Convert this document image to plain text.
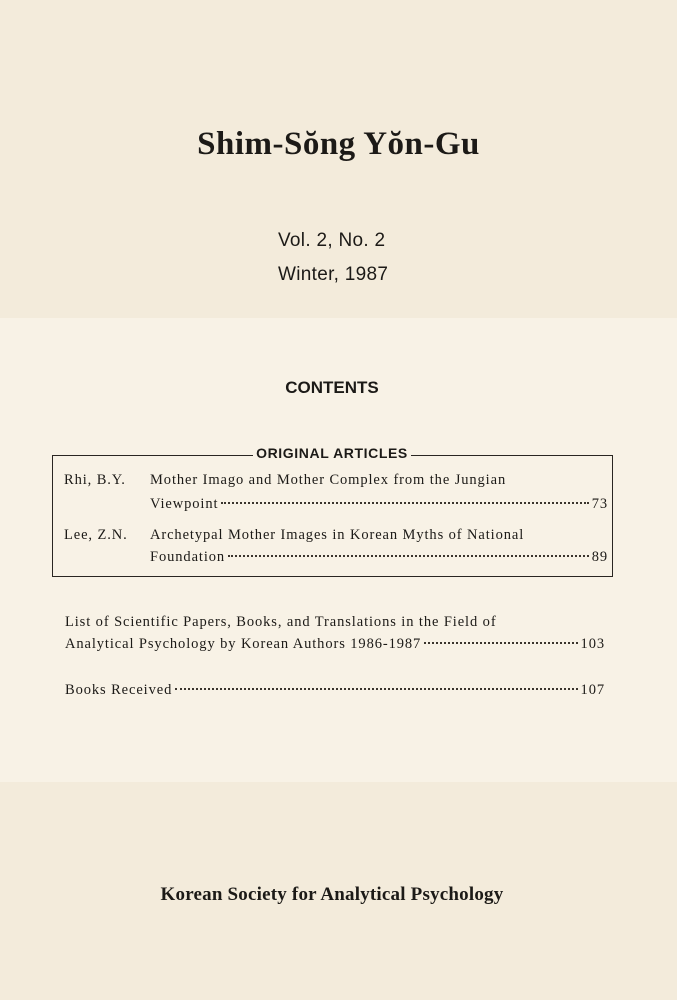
Shim-Sŏng Yŏn-Gu
Vol. 2, No. 2
Winter, 1987
CONTENTS
ORIGINAL ARTICLES
Rhi, B.Y. Mother Imago and Mother Complex from the Jungian
Viewpoint	73
Lee, Z.N. Archetypal Mother Images in Korean Myths of National
Foundation	89
List of Scientific Papers, Books, and Translations in the Field of
Analytical Psychology by Korean Authors 1986-1987	103
Books Received	107
Korean Society for Analytical Psychology
